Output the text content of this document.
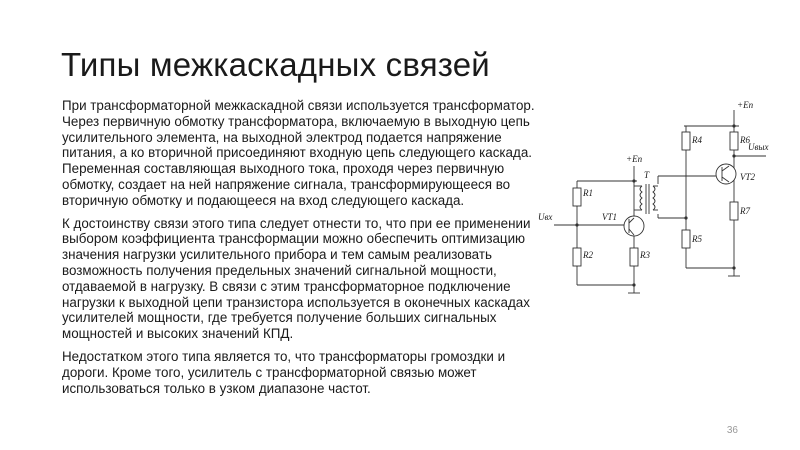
Типы межкаскадных связей

При трансформаторной межкаскадной связи используется трансформатор. Через первичную обмотку трансформатора, включаемую в выходную цепь усилительного элемента, на выходной электрод подается напряжение питания, а ко вторичной присоединяют входную цепь следующего каскада. Переменная составляющая выходного тока, проходя через первичную обмотку, создает на ней напряжение сигнала, трансформирующееся во вторичную обмотку и подающееся на вход следующего каскада.

К достоинству связи этого типа следует отнести то, что при ее применении выбором коэффициента трансформации можно обеспечить оптимизацию значения нагрузки усилительного прибора и тем самым реализовать возможность получения предельных значений сигнальной мощности, отдаваемой в нагрузку. В связи с этим трансформаторное подключение нагрузки к выходной цепи транзистора используется в оконечных каскадах усилителей мощности, где требуется получение больших сигнальных мощностей и высоких значений КПД.

Недостатком этого типа является то, что трансформаторы громоздки и дороги. Кроме того, усилитель с трансформаторной связью может использоваться только в узком диапазоне частот.

+Eп
+Eп
T
R1
R2	R3
R4
R5
R6
R7
VT1
VT2
Uвх
Uвых
36
